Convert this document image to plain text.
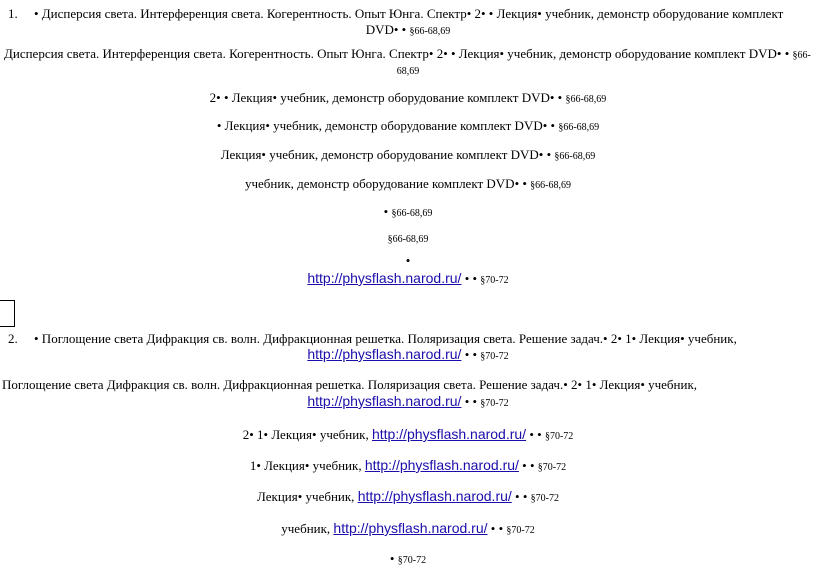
1. • Дисперсия света. Интерференция света. Когерентность. Опыт Юнга. Спектр• 2• • Лекция• учебник, демонстр оборудование комплект
DVD• • §66-68,69
Дисперсия света. Интерференция света. Когерентность. Опыт Юнга. Спектр• 2• • Лекция• учебник, демонстр оборудование комплект DVD• • §66-
68,69
2• • Лекция• учебник, демонстр оборудование комплект DVD• • §66-68,69
• Лекция• учебник, демонстр оборудование комплект DVD• • §66-68,69
Лекция• учебник, демонстр оборудование комплект DVD• • §66-68,69
учебник, демонстр оборудование комплект DVD• • §66-68,69
• §66-68,69
§66-68,69
•
http://physflash.narod.ru/ • • §70-72
2. • Поглощение света Дифракция св. волн. Дифракционная решетка. Поляризация света. Решение задач.• 2• 1• Лекция• учебник,
http://physflash.narod.ru/ • • §70-72
Поглощение света Дифракция св. волн. Дифракционная решетка. Поляризация света. Решение задач.• 2• 1• Лекция• учебник,
http://physflash.narod.ru/ • • §70-72
2• 1• Лекция• учебник, http://physflash.narod.ru/ • • §70-72
1• Лекция• учебник, http://physflash.narod.ru/ • • §70-72
Лекция• учебник, http://physflash.narod.ru/ • • §70-72
учебник, http://physflash.narod.ru/ • • §70-72
• §70-72
